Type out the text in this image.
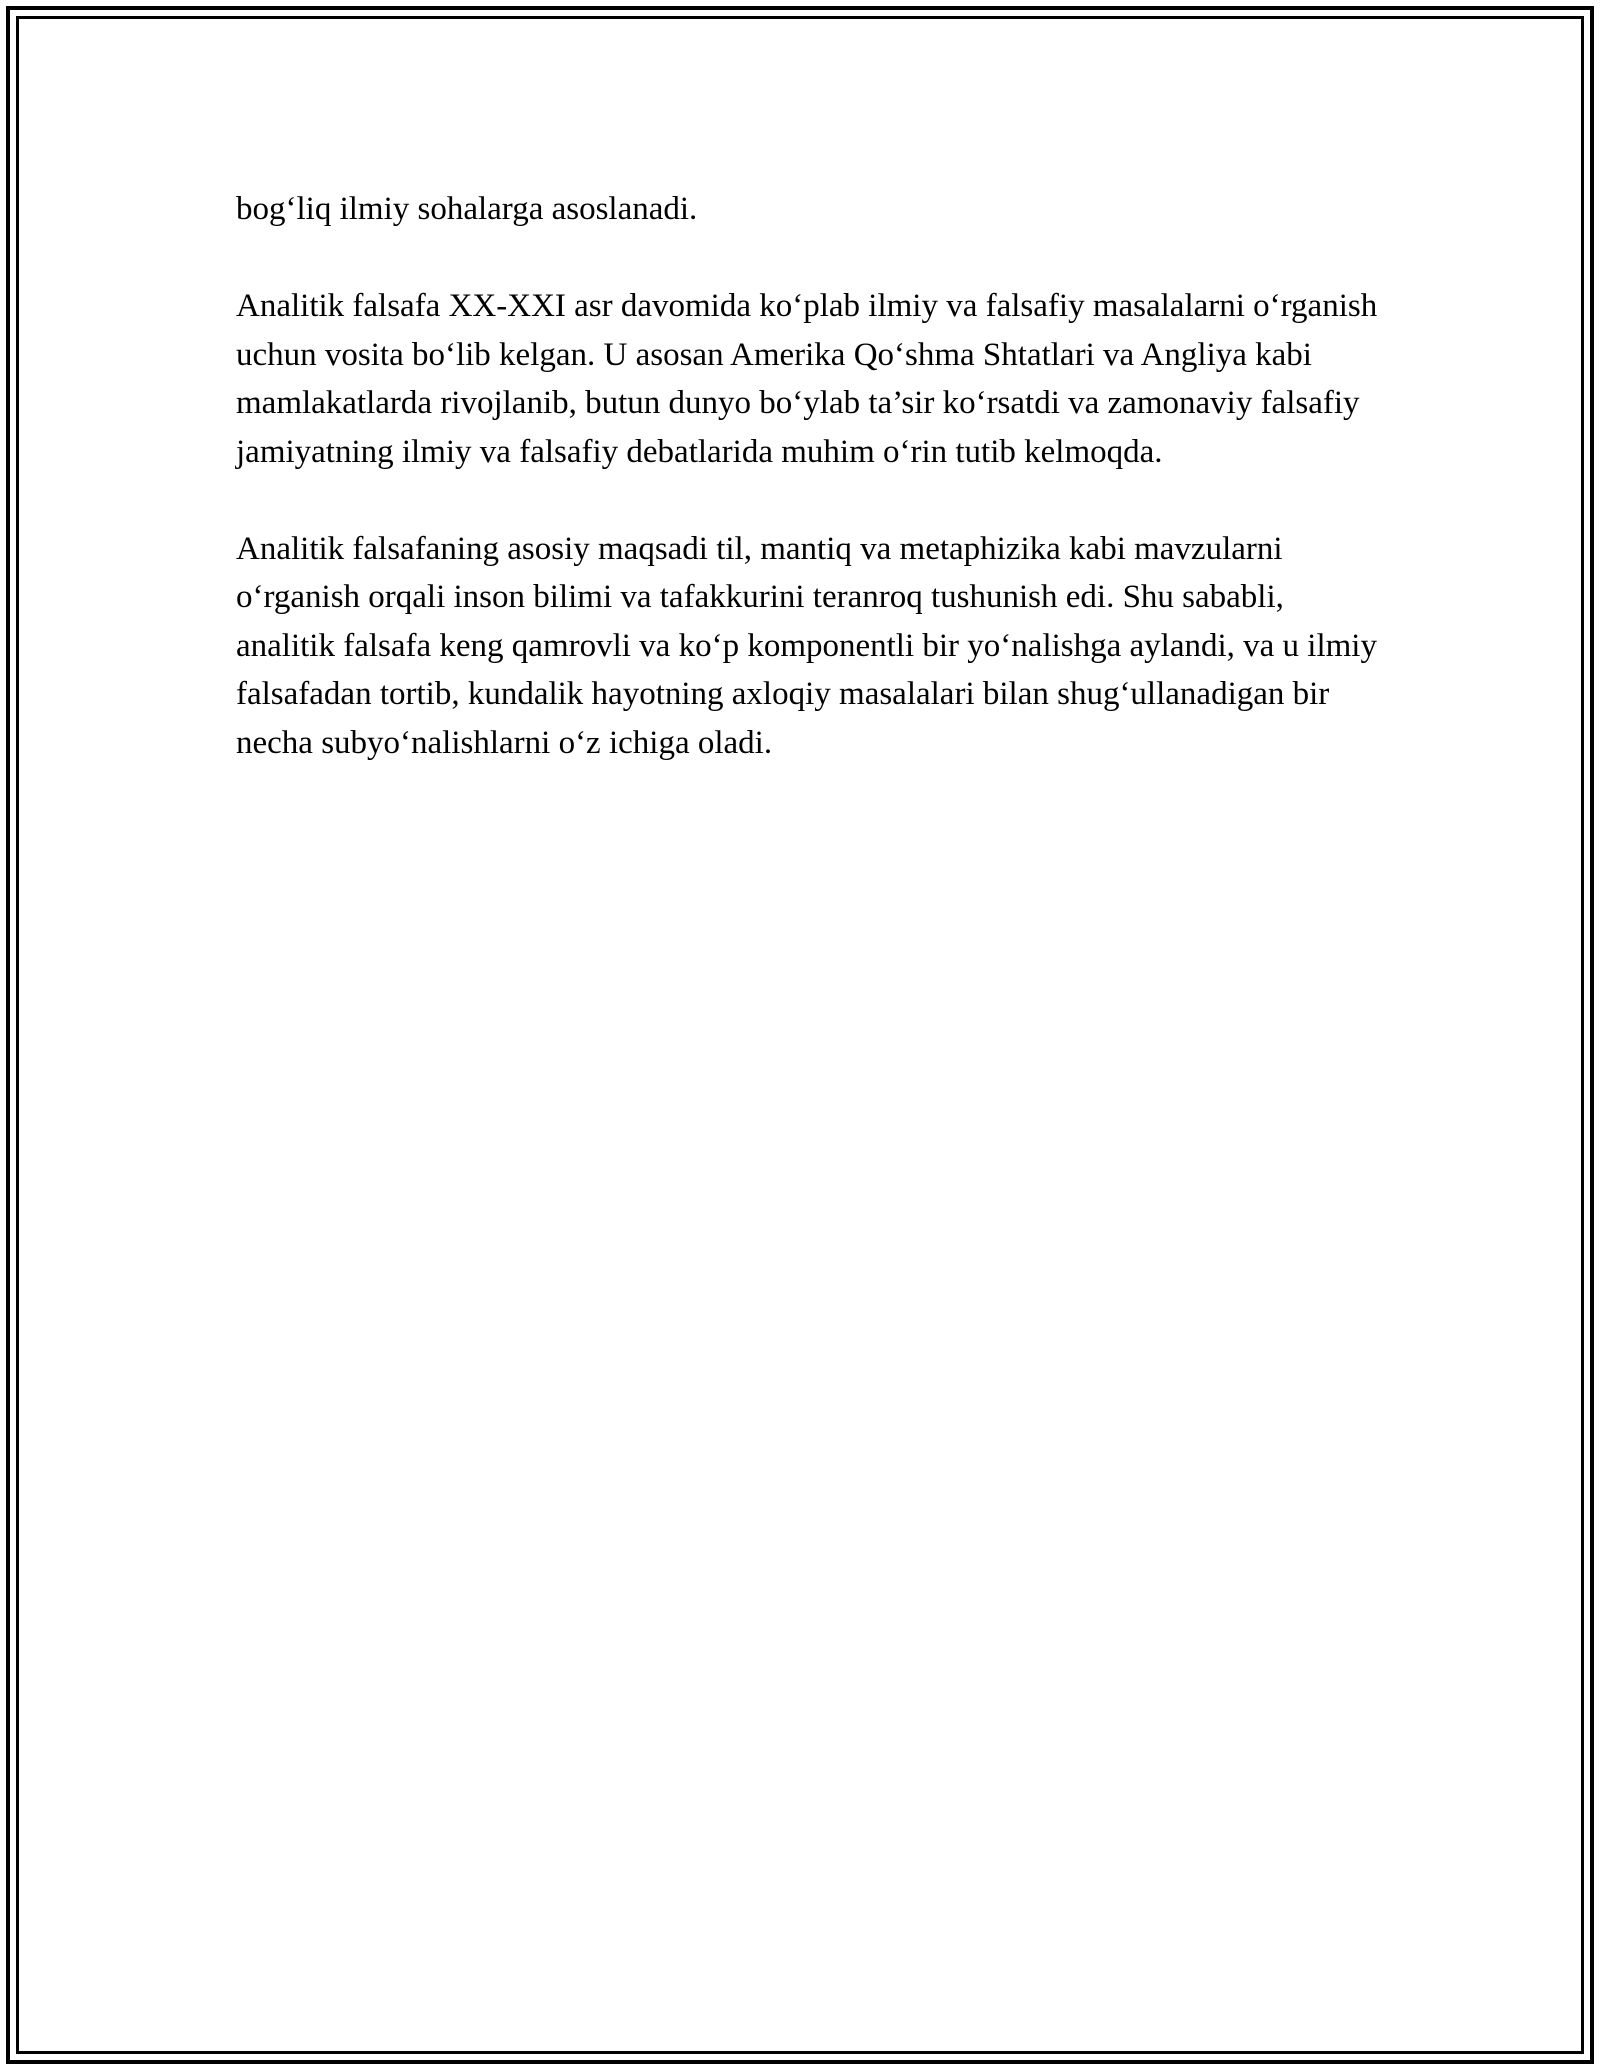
bog‘liq ilmiy sohalarga asoslanadi.

Analitik falsafa XX-XXI asr davomida ko‘plab ilmiy va falsafiy masalalarni o‘rganish uchun vosita bo‘lib kelgan. U asosan Amerika Qo‘shma Shtatlari va Angliya kabi mamlakatlarda rivojlanib, butun dunyo bo‘ylab ta’sir ko‘rsatdi va zamonaviy falsafiy jamiyatning ilmiy va falsafiy debatlarida muhim o‘rin tutib kelmoqda.

Analitik falsafaning asosiy maqsadi til, mantiq va metaphizika kabi mavzularni o‘rganish orqali inson bilimi va tafakkurini teranroq tushunish edi. Shu sababli, analitik falsafa keng qamrovli va ko‘p komponentli bir yo‘nalishga aylandi, va u ilmiy falsafadan tortib, kundalik hayotning axloqiy masalalari bilan shug‘ullanadigan bir necha subyo‘nalishlarni o‘z ichiga oladi.
